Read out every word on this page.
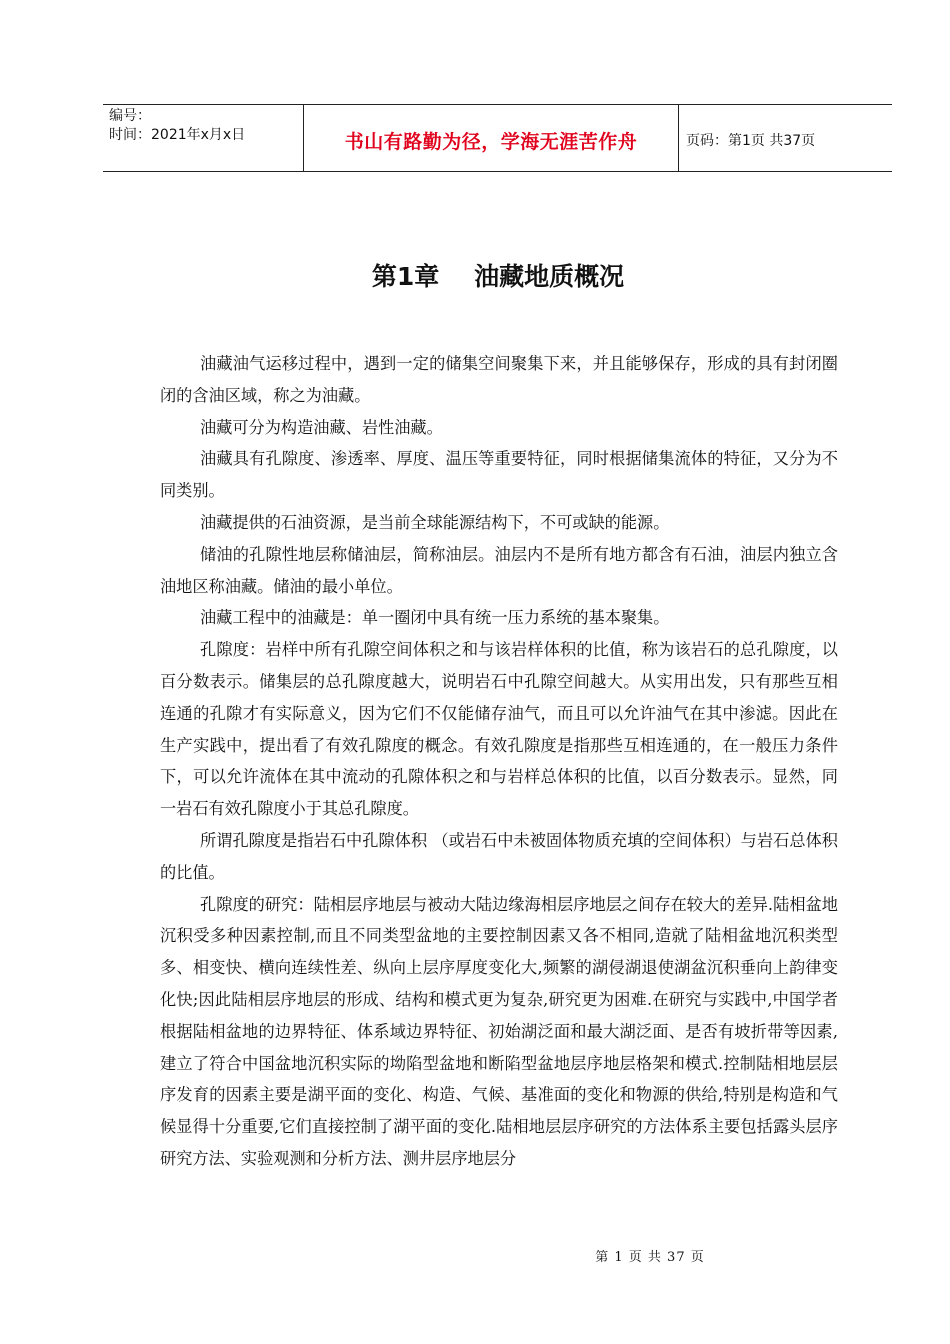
编号：
时间：2021年x月x日	书山有路勤为径，学海无涯苦作舟	页码：第1页 共37页
第1章    油藏地质概况

油藏油气运移过程中，遇到一定的储集空间聚集下来，并且能够保存，形成的具有封闭圈闭的含油区域，称之为油藏。

油藏可分为构造油藏、岩性油藏。

油藏具有孔隙度、渗透率、厚度、温压等重要特征，同时根据储集流体的特征，又分为不同类别。

油藏提供的石油资源，是当前全球能源结构下，不可或缺的能源。

储油的孔隙性地层称储油层，简称油层。油层内不是所有地方都含有石油，油层内独立含油地区称油藏。储油的最小单位。

油藏工程中的油藏是：单一圈闭中具有统一压力系统的基本聚集。

孔隙度：岩样中所有孔隙空间体积之和与该岩样体积的比值，称为该岩石的总孔隙度，以百分数表示。储集层的总孔隙度越大，说明岩石中孔隙空间越大。从实用出发，只有那些互相连通的孔隙才有实际意义，因为它们不仅能储存油气，而且可以允许油气在其中渗滤。因此在生产实践中，提出看了有效孔隙度的概念。有效孔隙度是指那些互相连通的，在一般压力条件下，可以允许流体在其中流动的孔隙体积之和与岩样总体积的比值，以百分数表示。显然，同一岩石有效孔隙度小于其总孔隙度。

所谓孔隙度是指岩石中孔隙体积 （或岩石中未被固体物质充填的空间体积）与岩石总体积 的比值。

孔隙度的研究：陆相层序地层与被动大陆边缘海相层序地层之间存在较大的差异.陆相盆地沉积受多种因素控制,而且不同类型盆地的主要控制因素又各不相同,造就了陆相盆地沉积类型多、相变快、横向连续性差、纵向上层序厚度变化大,频繁的湖侵湖退使湖盆沉积垂向上韵律变化快;因此陆相层序地层的形成、结构和模式更为复杂,研究更为困难.在研究与实践中,中国学者根据陆相盆地的边界特征、体系域边界特征、初始湖泛面和最大湖泛面、是否有坡折带等因素,建立了符合中国盆地沉积实际的坳陷型盆地和断陷型盆地层序地层格架和模式.控制陆相地层层序发育的因素主要是湖平面的变化、构造、气候、基准面的变化和物源的供给,特别是构造和气候显得十分重要,它们直接控制了湖平面的变化.陆相地层层序研究的方法体系主要包括露头层序研究方法、实验观测和分析方法、测井层序地层分

第 1 页 共 37 页
